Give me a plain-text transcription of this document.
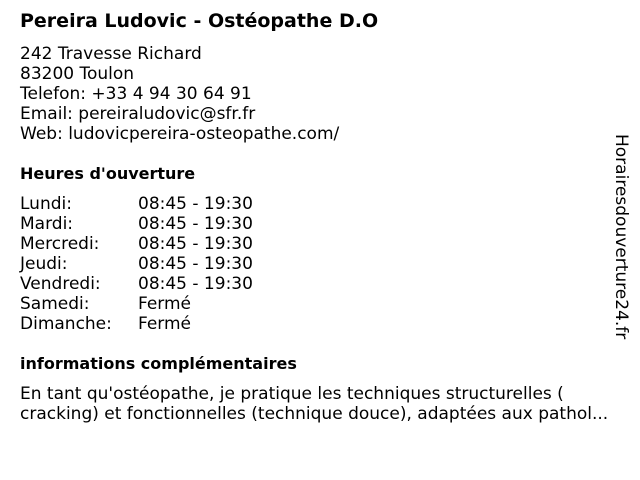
Pereira Ludovic - Ostéopathe D.O
242 Travesse Richard
83200 Toulon
Telefon: +33 4 94 30 64 91
Email: pereiraludovic@sfr.fr
Web: ludovicpereira-osteopathe.com/
Heures d'ouverture
Lundi:	08:45 - 19:30
Mardi:	08:45 - 19:30
Mercredi: 08:45 - 19:30
Jeudi:	08:45 - 19:30
Vendredi: 08:45 - 19:30
Samedi:	Fermé
Dimanche: Fermé
informations complémentaires
En tant qu'ostéopathe, je pratique les techniques structurelles (
cracking) et fonctionnelles (technique douce), adaptées aux pathol...
Horairesdouverture24.fr
